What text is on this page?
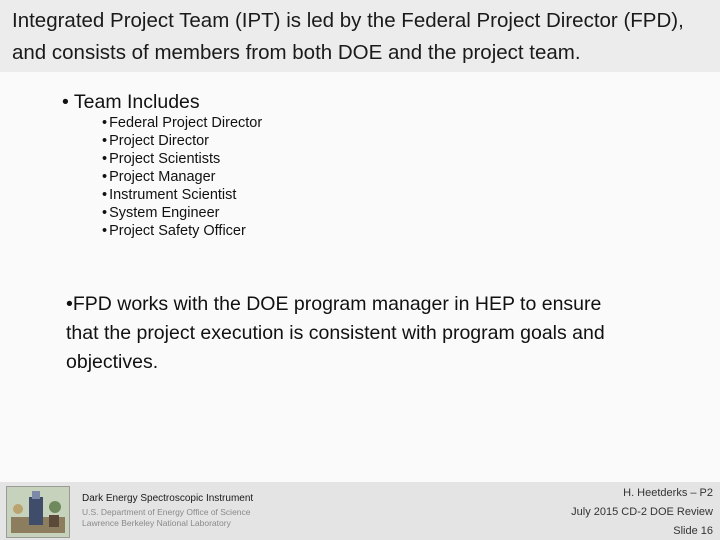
Integrated Project Team (IPT) is led by the Federal Project Director (FPD), and consists of members from both DOE and the project team.
• Team Includes
• Federal Project Director
• Project Director
• Project Scientists
• Project Manager
• Instrument Scientist
• System Engineer
• Project Safety Officer
• FPD works with the DOE program manager in HEP to ensure that the project execution is consistent with program goals and objectives.
Dark Energy Spectroscopic Instrument
U.S. Department of Energy Office of Science
Lawrence Berkeley National Laboratory
H. Heetderks – P2
July 2015 CD-2 DOE Review
Slide 16
